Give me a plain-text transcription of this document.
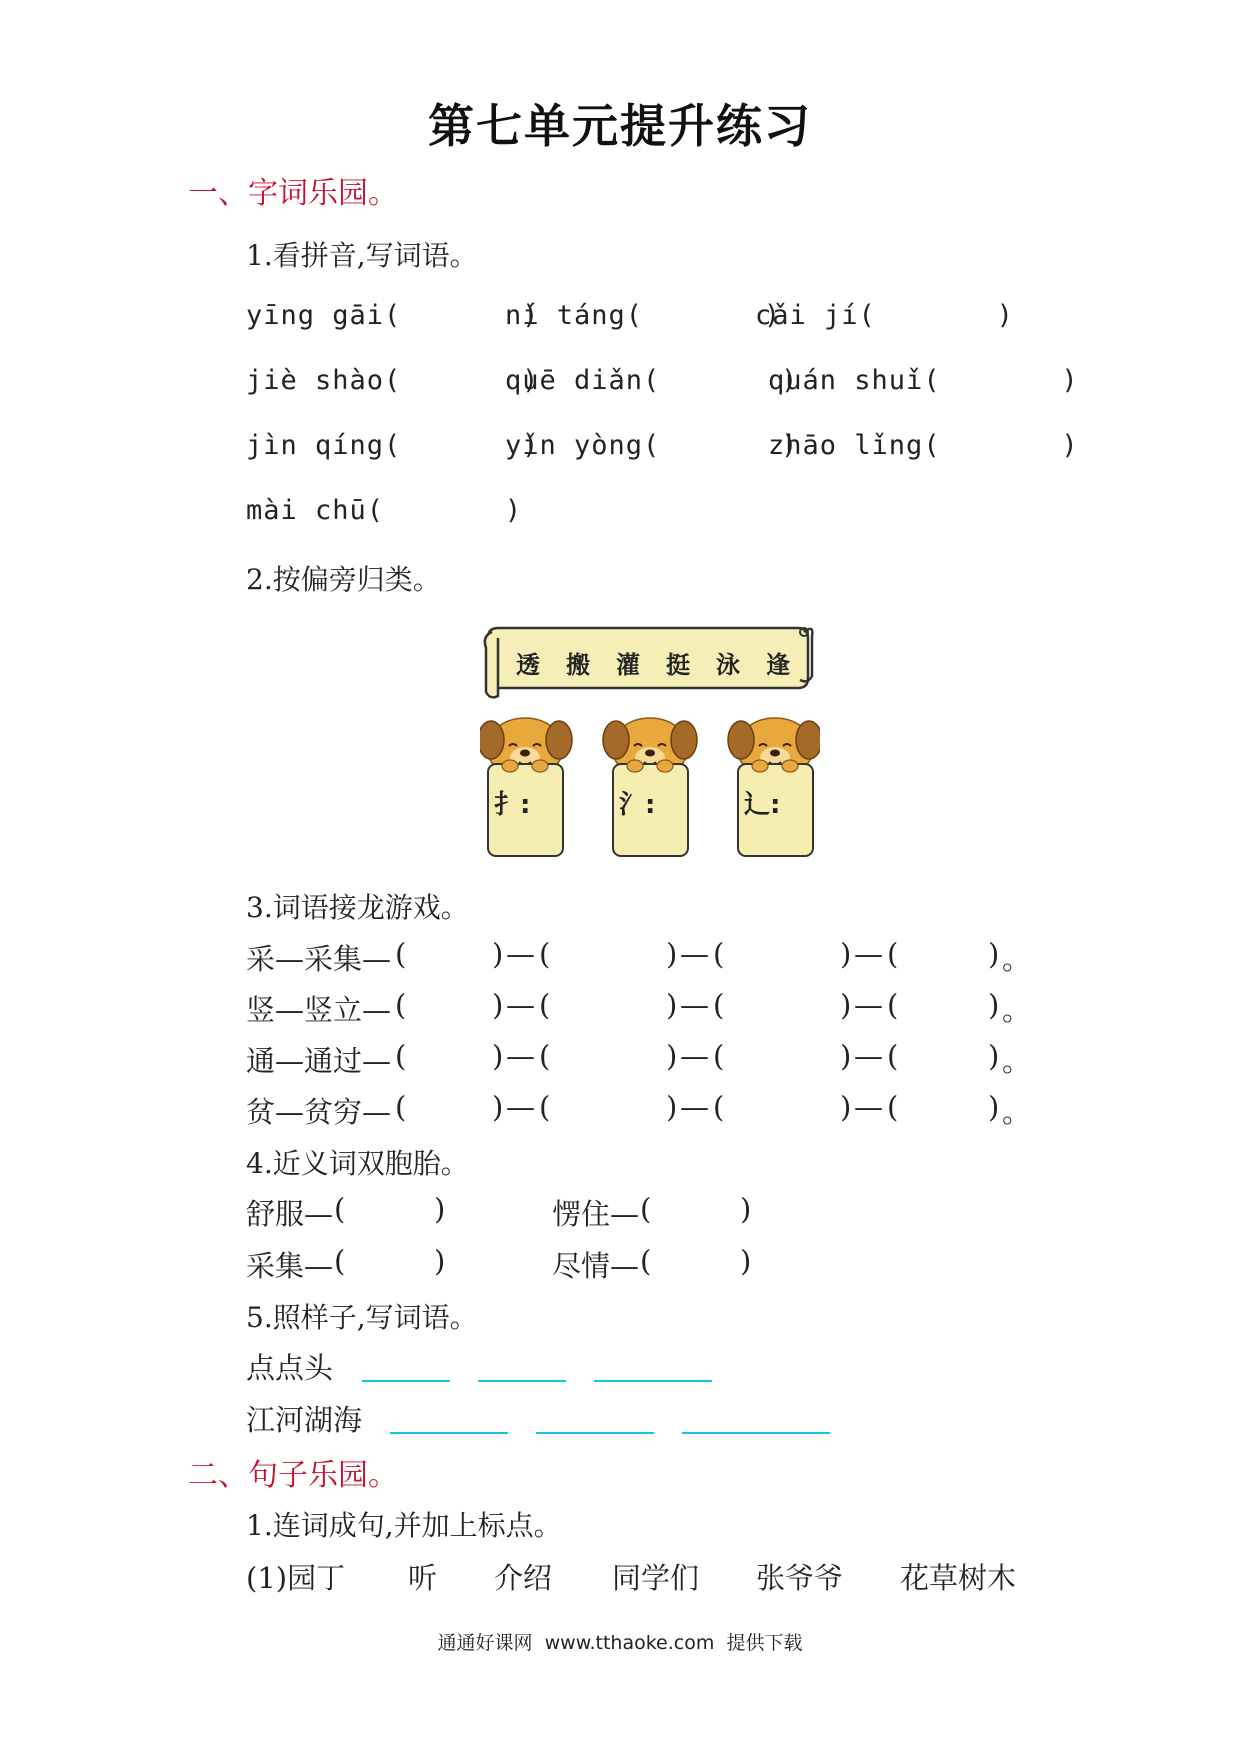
第七单元提升练习
一、字词乐园。
1.看拼音,写词语。
yīng gāi(       )
ní táng(       )
cǎi jí(       )
jiè shào(       )
quē diǎn(       )
quán shuǐ(       )
jìn qíng(       )
yǐn yòng(       )
zhāo lǐng(       )
mài chū(       )
2.按偏旁归类。
透 搬 灌 挺 泳 逢
扌:	氵:	辶:
3.词语接龙游戏。
采—采集— (	) — (	) — (	) — (	) 。
竖—竖立— (	) — (	) — (	) — (	) 。
通—通过— (	) — (	) — (	) — (	) 。
贫—贫穷— (	) — (	) — (	) — (	) 。
4.近义词双胞胎。
舒服— (	)	愣住— (	)
采集— (	)	尽情— (	)
5.照样子,写词语。
点点头
江河湖海
二、句子乐园。
1.连词成句,并加上标点。
(1)园丁 听 介绍 同学们 张爷爷 花草树木
通通好课网  www.tthaoke.com  提供下载
